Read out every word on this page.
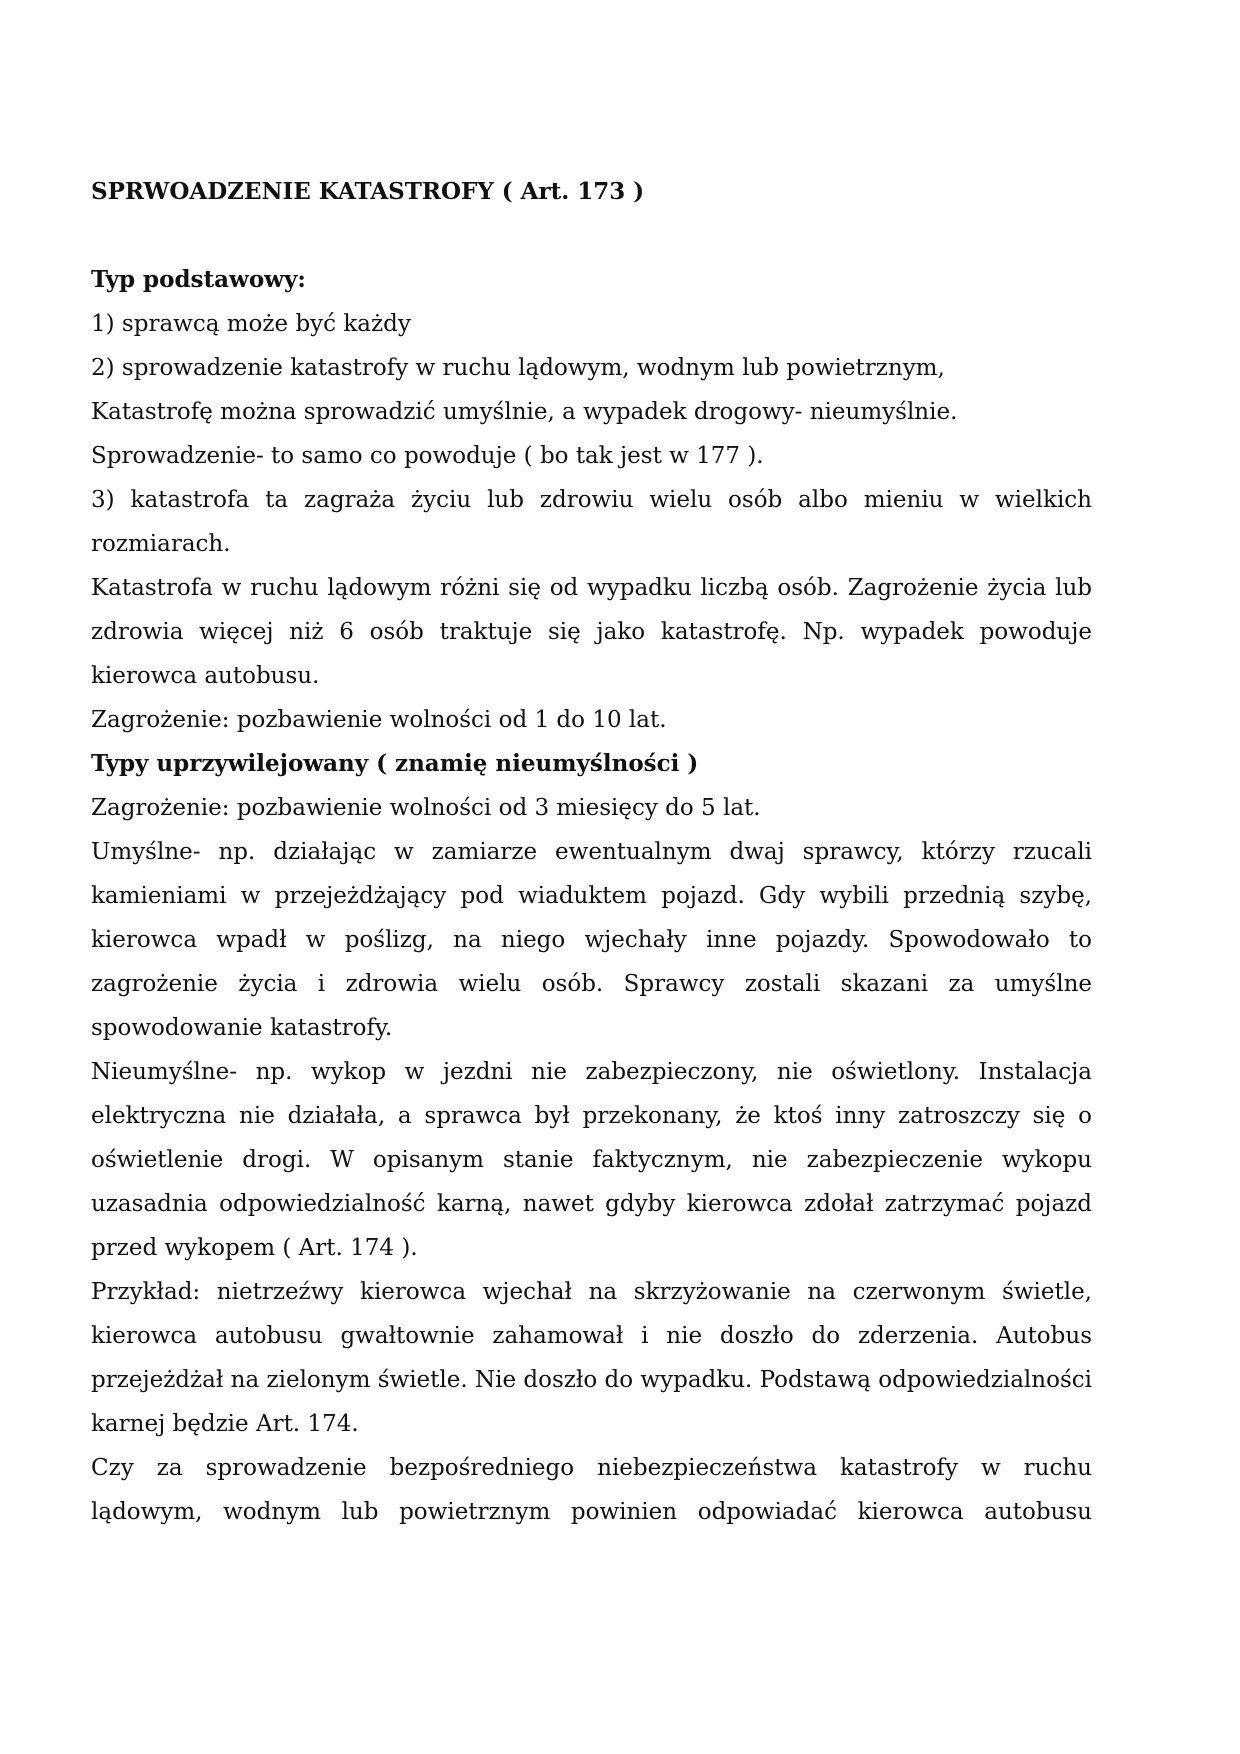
SPRWOADZENIE KATASTROFY ( Art. 173 )

Typ podstawowy:

1) sprawcą może być każdy

2) sprowadzenie katastrofy w ruchu lądowym, wodnym lub powietrznym,

Katastrofę można sprowadzić umyślnie, a wypadek drogowy- nieumyślnie.

Sprowadzenie- to samo co powoduje ( bo tak jest w 177 ).

3) katastrofa ta zagraża życiu lub zdrowiu wielu osób albo mieniu w wielkich rozmiarach.

Katastrofa w ruchu lądowym różni się od wypadku liczbą osób. Zagrożenie życia lub zdrowia więcej niż 6 osób traktuje się jako katastrofę. Np. wypadek powoduje kierowca autobusu.

Zagrożenie: pozbawienie wolności od 1 do 10 lat.

Typy uprzywilejowany ( znamię nieumyślności )

Zagrożenie: pozbawienie wolności od 3 miesięcy do 5 lat.

Umyślne- np. działając w zamiarze ewentualnym dwaj sprawcy, którzy rzucali kamieniami w przejeżdżający pod wiaduktem pojazd. Gdy wybili przednią szybę, kierowca wpadł w poślizg, na niego wjechały inne pojazdy. Spowodowało to zagrożenie życia i zdrowia wielu osób. Sprawcy zostali skazani za umyślne spowodowanie katastrofy.

Nieumyślne- np. wykop w jezdni nie zabezpieczony, nie oświetlony. Instalacja elektryczna nie działała, a sprawca był przekonany, że ktoś inny zatroszczy się o oświetlenie drogi. W opisanym stanie faktycznym, nie zabezpieczenie wykopu uzasadnia odpowiedzialność karną, nawet gdyby kierowca zdołał zatrzymać pojazd przed wykopem ( Art. 174 ).

Przykład: nietrzeźwy kierowca wjechał na skrzyżowanie na czerwonym świetle, kierowca autobusu gwałtownie zahamował i nie doszło do zderzenia. Autobus przejeżdżał na zielonym świetle. Nie doszło do wypadku. Podstawą odpowiedzialności karnej będzie Art. 174.

Czy za sprowadzenie bezpośredniego niebezpieczeństwa katastrofy w ruchu lądowym, wodnym lub powietrznym powinien odpowiadać kierowca autobusu
